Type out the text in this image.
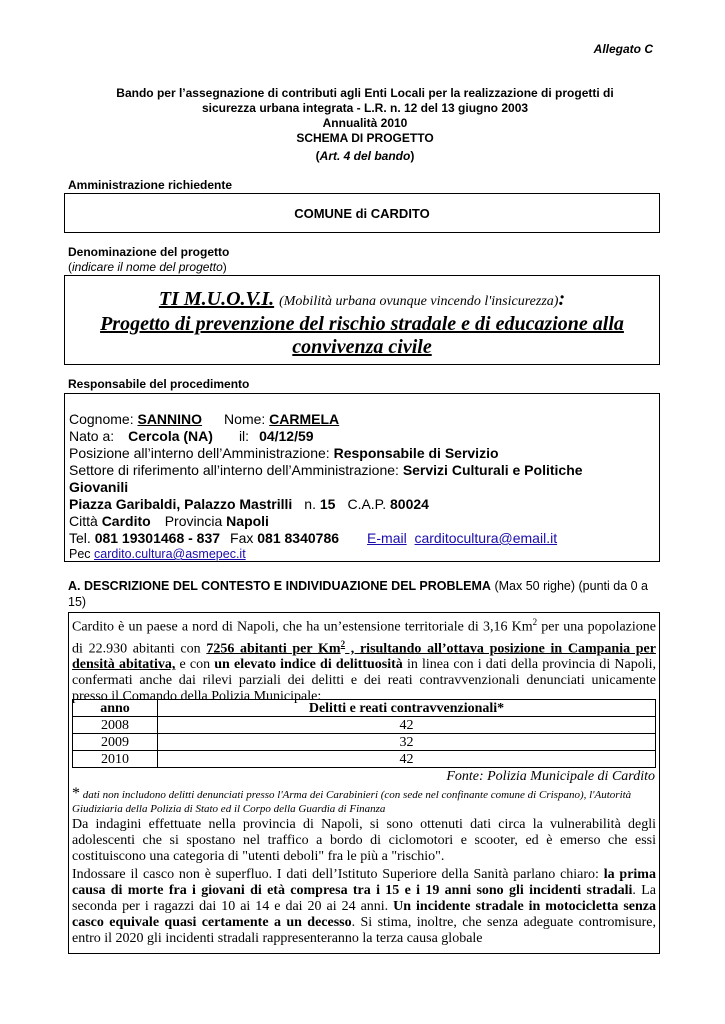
Allegato C
Bando per l’assegnazione di contributi agli Enti Locali per la realizzazione di progetti di
sicurezza urbana integrata - L.R. n. 12 del 13 giugno 2003
Annualità 2010
SCHEMA DI PROGETTO
(Art. 4 del bando)
Amministrazione richiedente
COMUNE di CARDITO
Denominazione del progetto
(indicare il nome del progetto)
TI M.U.O.V.I. (Mobilità urbana ovunque vincendo l'insicurezza):
Progetto di prevenzione del rischio stradale e di educazione alla convivenza civile
Responsabile del procedimento
Cognome: SANNINO Nome: CARMELA
Nato a: Cercola (NA) il: 04/12/59
Posizione all’interno dell’Amministrazione: Responsabile di Servizio
Settore di riferimento all’interno dell’Amministrazione: Servizi Culturali e Politiche
Giovanili
Piazza Garibaldi, Palazzo Mastrilli n. 15 C.A.P. 80024
Città Cardito Provincia Napoli
Tel. 081 19301468 - 837 Fax 081 8340786 E-mail carditocultura@email.it
Pec cardito.cultura@asmepec.it
A. DESCRIZIONE DEL CONTESTO E INDIVIDUAZIONE DEL PROBLEMA (Max 50 righe) (punti da 0 a 15)
Cardito è un paese a nord di Napoli, che ha un’estensione territoriale di 3,16 Km$^2$ per una popolazione di 22.930 abitanti con 7256 abitanti per Km$^2$ , risultando all’ottava posizione in Campania per densità abitativa, e con un elevato indice di delittuosità in linea con i dati della provincia di Napoli, confermati anche dai rilevi parziali dei delitti e dei reati contravvenzionali denunciati unicamente presso il Comando della Polizia Municipale:
anno	Delitti e reati contravvenzionali*
2008	42
2009	32
2010	42
Fonte: Polizia Municipale di Cardito
* dati non includono delitti denunciati presso l'Arma dei Carabinieri (con sede nel confinante comune di Crispano), l'Autorità Giudiziaria della Polizia di Stato ed il Corpo della Guardia di Finanza
Da indagini effettuate nella provincia di Napoli, si sono ottenuti dati circa la vulnerabilità degli adolescenti che si spostano nel traffico a bordo di ciclomotori e scooter, ed è emerso che essi costituiscono una categoria di "utenti deboli" fra le più a "rischio".
Indossare il casco non è superfluo. I dati dell’Istituto Superiore della Sanità parlano chiaro: la prima causa di morte fra i giovani di età compresa tra i 15 e i 19 anni sono gli incidenti stradali. La seconda per i ragazzi dai 10 ai 14 e dai 20 ai 24 anni. Un incidente stradale in motocicletta senza casco equivale quasi certamente a un decesso. Si stima, inoltre, che senza adeguate contromisure, entro il 2020 gli incidenti stradali rappresenteranno la terza causa globale
